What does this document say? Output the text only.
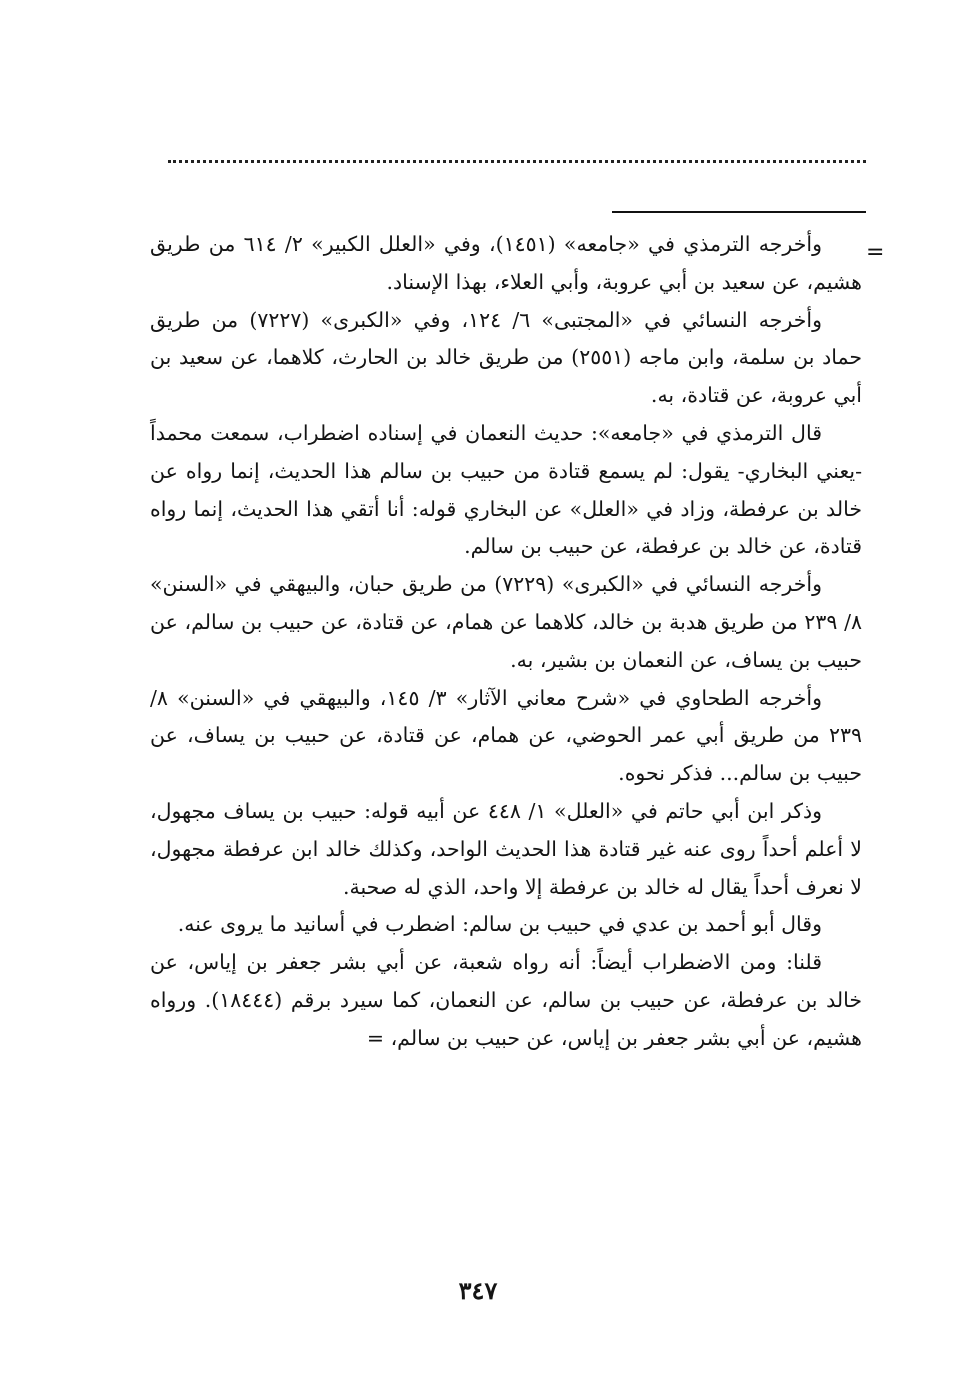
=

وأخرجه الترمذي في «جامعه» (١٤٥١)، وفي «العلل الكبير» ٢/ ٦١٤ من طريق هشيم، عن سعيد بن أبي عروبة، وأبي العلاء، بهذا الإسناد.

وأخرجه النسائي في «المجتبى» ٦/ ١٢٤، وفي «الكبرى» (٧٢٢٧) من طريق حماد بن سلمة، وابن ماجه (٢٥٥١) من طريق خالد بن الحارث، كلاهما، عن سعيد بن أبي عروبة، عن قتادة، به.

قال الترمذي في «جامعه»: حديث النعمان في إسناده اضطراب، سمعت محمداً -يعني البخاري- يقول: لم يسمع قتادة من حبيب بن سالم هذا الحديث، إنما رواه عن خالد بن عرفطة، وزاد في «العلل» عن البخاري قوله: أنا أتقي هذا الحديث، إنما رواه قتادة، عن خالد بن عرفطة، عن حبيب بن سالم.

وأخرجه النسائي في «الكبرى» (٧٢٢٩) من طريق حبان، والبيهقي في «السنن» ٨/ ٢٣٩ من طريق هدبة بن خالد، كلاهما عن همام، عن قتادة، عن حبيب بن سالم، عن حبيب بن يساف، عن النعمان بن بشير، به.

وأخرجه الطحاوي في «شرح معاني الآثار» ٣/ ١٤٥، والبيهقي في «السنن» ٨/ ٢٣٩ من طريق أبي عمر الحوضي، عن همام، عن قتادة، عن حبيب بن يساف، عن حبيب بن سالم... فذكر نحوه.

وذكر ابن أبي حاتم في «العلل» ١/ ٤٤٨ عن أبيه قوله: حبيب بن يساف مجهول، لا أعلم أحداً روى عنه غير قتادة هذا الحديث الواحد، وكذلك خالد ابن عرفطة مجهول، لا نعرف أحداً يقال له خالد بن عرفطة إلا واحد، الذي له صحبة.

وقال أبو أحمد بن عدي في حبيب بن سالم: اضطرب في أسانيد ما يروى عنه.

قلنا: ومن الاضطراب أيضاً: أنه رواه شعبة، عن أبي بشر جعفر بن إياس، عن خالد بن عرفطة، عن حبيب بن سالم، عن النعمان، كما سيرد برقم (١٨٤٤٤). ورواه هشيم، عن أبي بشر جعفر بن إياس، عن حبيب بن سالم، =

٣٤٧
